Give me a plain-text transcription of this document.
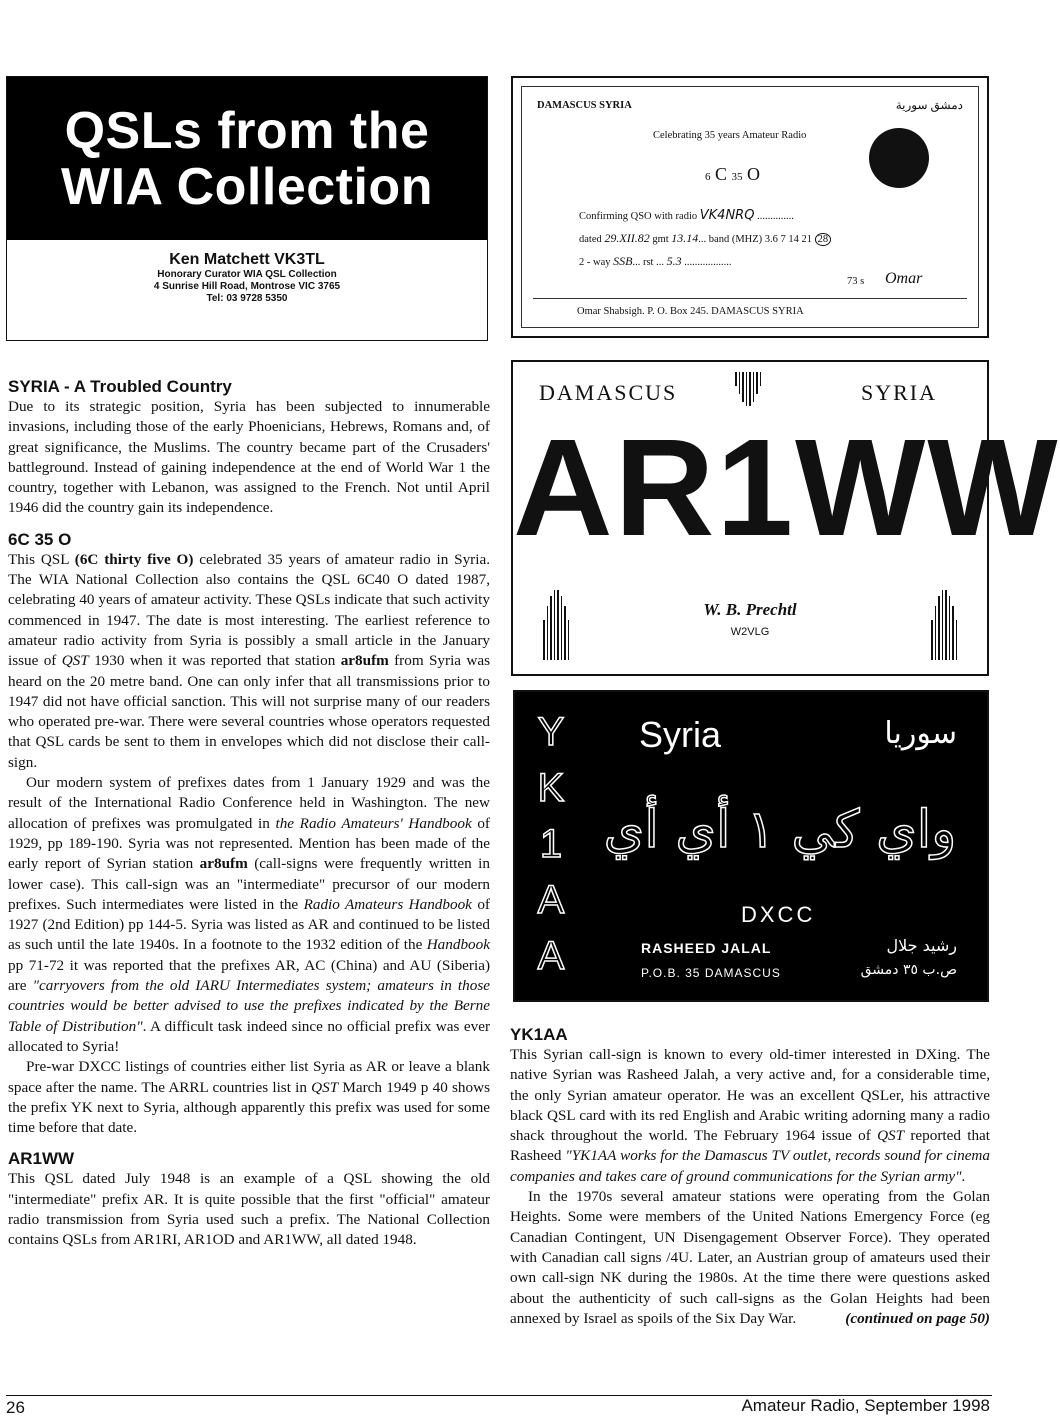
QSLs from the
WIA Collection
Ken Matchett VK3TL
Honorary Curator WIA QSL Collection
4 Sunrise Hill Road, Montrose VIC 3765
Tel: 03 9728 5350
SYRIA - A Troubled Country

Due to its strategic position, Syria has been subjected to innumerable invasions, including those of the early Phoenicians, Hebrews, Romans and, of great significance, the Muslims. The country became part of the Crusaders' battleground. Instead of gaining independence at the end of World War 1 the country, together with Lebanon, was assigned to the French. Not until April 1946 did the country gain its independence.

6C 35 O

This QSL (6C thirty five O) celebrated 35 years of amateur radio in Syria. The WIA National Collection also contains the QSL 6C40 O dated 1987, celebrating 40 years of amateur activity. These QSLs indicate that such activity commenced in 1947. The date is most interesting. The earliest reference to amateur radio activity from Syria is possibly a small article in the January issue of QST 1930 when it was reported that station ar8ufm from Syria was heard on the 20 metre band. One can only infer that all transmissions prior to 1947 did not have official sanction. This will not surprise many of our readers who operated pre-war. There were several countries whose operators requested that QSL cards be sent to them in envelopes which did not disclose their call-sign.

Our modern system of prefixes dates from 1 January 1929 and was the result of the International Radio Conference held in Washington. The new allocation of prefixes was promulgated in the Radio Amateurs' Handbook of 1929, pp 189-190. Syria was not represented. Mention has been made of the early report of Syrian station ar8ufm (call-signs were frequently written in lower case). This call-sign was an "intermediate" precursor of our modern prefixes. Such intermediates were listed in the Radio Amateurs Handbook of 1927 (2nd Edition) pp 144-5. Syria was listed as AR and continued to be listed as such until the late 1940s. In a footnote to the 1932 edition of the Handbook pp 71-72 it was reported that the prefixes AR, AC (China) and AU (Siberia) are "carryovers from the old IARU Intermediates system; amateurs in those countries would be better advised to use the prefixes indicated by the Berne Table of Distribution". A difficult task indeed since no official prefix was ever allocated to Syria!

Pre-war DXCC listings of countries either list Syria as AR or leave a blank space after the name. The ARRL countries list in QST March 1949 p 40 shows the prefix YK next to Syria, although apparently this prefix was used for some time before that date.

AR1WW

This QSL dated July 1948 is an example of a QSL showing the old "intermediate" prefix AR. It is quite possible that the first "official" amateur radio transmission from Syria used such a prefix. The National Collection contains QSLs from AR1RI, AR1OD and AR1WW, all dated 1948.

DAMASCUS SYRIA	دمشق سورية
Celebrating 35 years Amateur Radio
6 C 35 O
Confirming QSO with radio VK4NRQ ..............
dated 29.XII.82 gmt 13.14... band (MHZ) 3.6 7 14 21 28
2 - way SSB... rst ... 5.3 ..................
73 s Omar
Omar Shabsigh. P. O. Box 245. DAMASCUS SYRIA
DAMASCUS	SYRIA
AR1WW
W. B. Prechtl
W2VLG
Y
K
1
A
A
Syria	سوريا
واي كي ١ أي أي
DXCC
RASHEED JALAL	رشيد جلال
P.O.B. 35 DAMASCUS	ص.ب ٣٥ دمشق
YK1AA

This Syrian call-sign is known to every old-timer interested in DXing. The native Syrian was Rasheed Jalah, a very active and, for a considerable time, the only Syrian amateur operator. He was an excellent QSLer, his attractive black QSL card with its red English and Arabic writing adorning many a radio shack throughout the world. The February 1964 issue of QST reported that Rasheed "YK1AA works for the Damascus TV outlet, records sound for cinema companies and takes care of ground communications for the Syrian army".

In the 1970s several amateur stations were operating from the Golan Heights. Some were members of the United Nations Emergency Force (eg Canadian Contingent, UN Disengagement Observer Force). They operated with Canadian call signs /4U. Later, an Austrian group of amateurs used their own call-sign NK during the 1980s. At the time there were questions asked about the authenticity of such call-signs as the Golan Heights had been annexed by Israel as spoils of the Six Day War.	(continued on page 50)

26	Amateur Radio, September 1998
